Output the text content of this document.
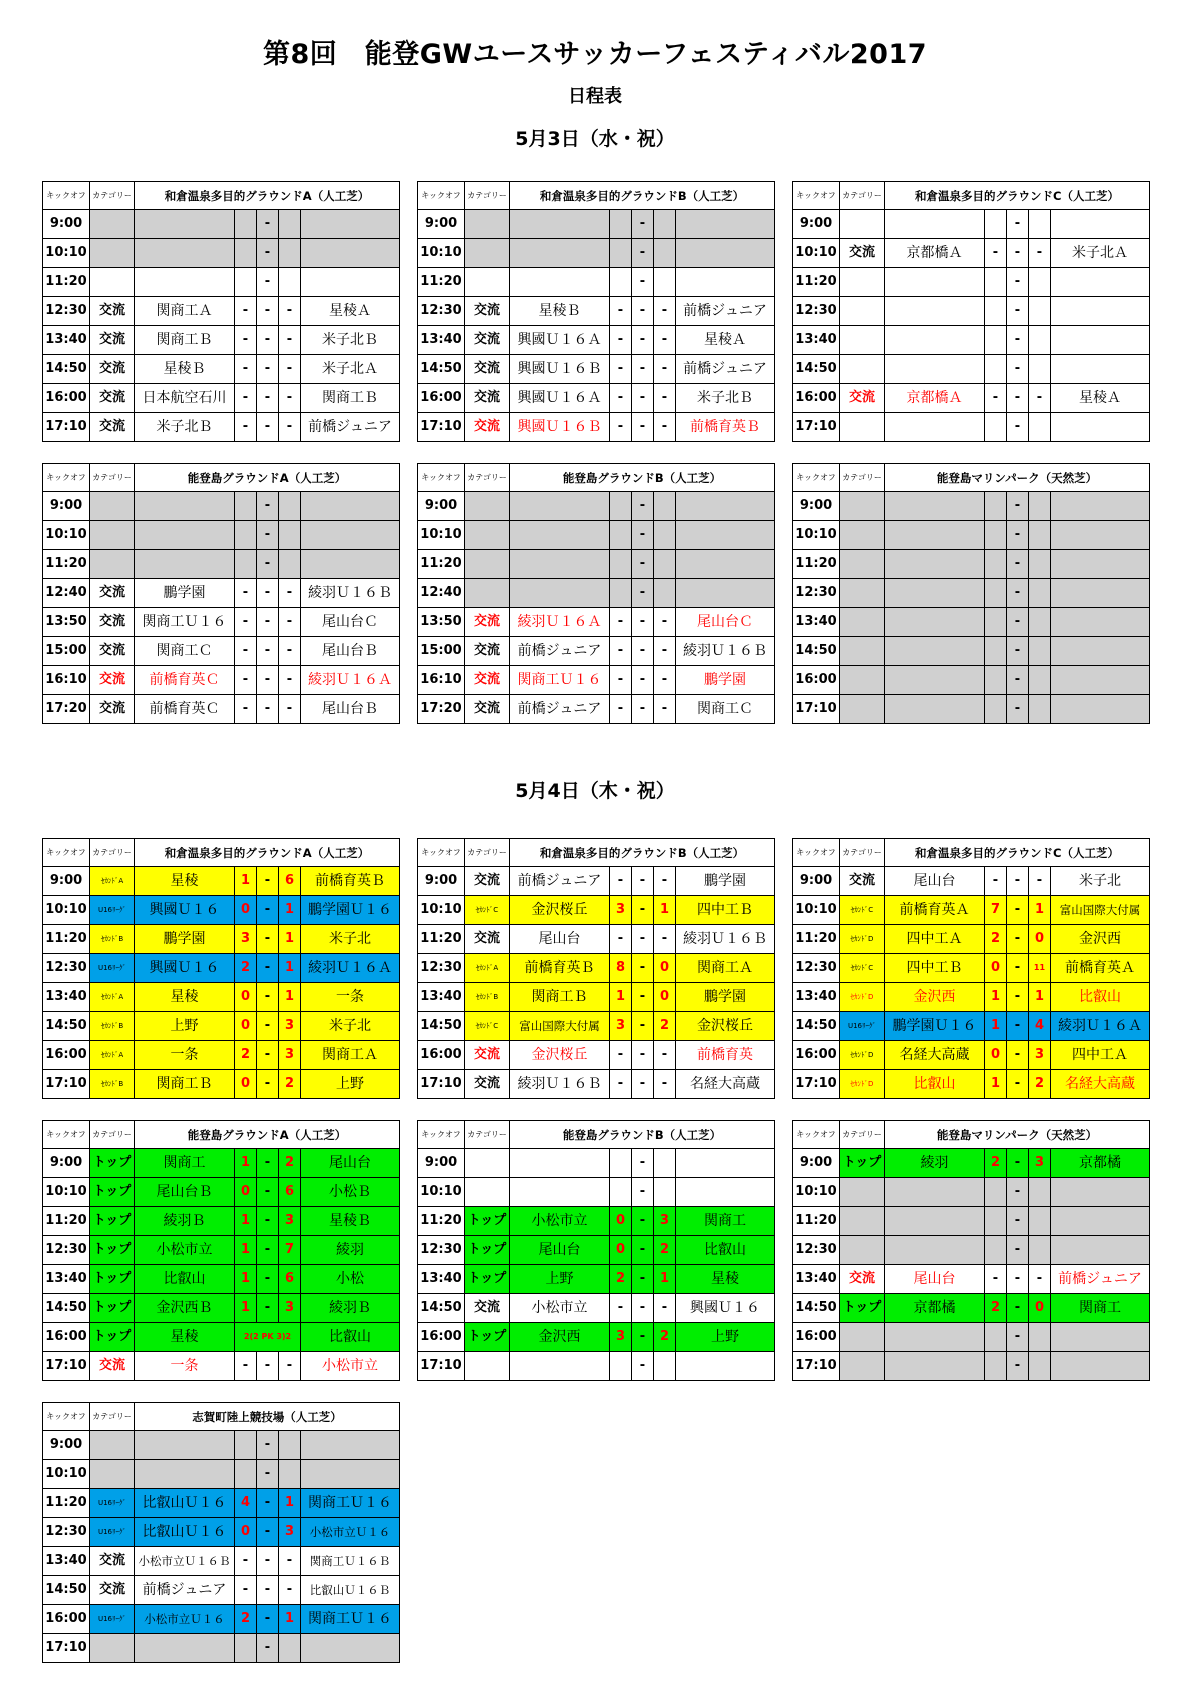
第8回　能登GWユースサッカーフェスティバル2017
日程表
5月3日（水・祝）
5月4日（木・祝）
キックオフ	カテゴリー	和倉温泉多目的グラウンドA（人工芝）				
9:00				-		
10:10				-		
11:20				-		
12:30	交流	関商工Ａ	-	-	-	星稜Ａ
13:40	交流	関商工Ｂ	-	-	-	米子北Ｂ
14:50	交流	星稜Ｂ	-	-	-	米子北Ａ
16:00	交流	日本航空石川	-	-	-	関商工Ｂ
17:10	交流	米子北Ｂ	-	-	-	前橋ジュニア
キックオフ	カテゴリー	和倉温泉多目的グラウンドB（人工芝）				
9:00				-		
10:10				-		
11:20				-		
12:30	交流	星稜Ｂ	-	-	-	前橋ジュニア
13:40	交流	興國Ｕ１６Ａ	-	-	-	星稜Ａ
14:50	交流	興國Ｕ１６Ｂ	-	-	-	前橋ジュニア
16:00	交流	興國Ｕ１６Ａ	-	-	-	米子北Ｂ
17:10	交流	興國Ｕ１６Ｂ	-	-	-	前橋育英Ｂ
キックオフ	カテゴリー	和倉温泉多目的グラウンドC（人工芝）				
9:00				-		
10:10	交流	京都橋Ａ	-	-	-	米子北Ａ
11:20				-		
12:30				-		
13:40				-		
14:50				-		
16:00	交流	京都橋Ａ	-	-	-	星稜Ａ
17:10				-		
キックオフ	カテゴリー	能登島グラウンドA（人工芝）				
9:00				-		
10:10				-		
11:20				-		
12:40	交流	鵬学園	-	-	-	綾羽Ｕ１６Ｂ
13:50	交流	関商工Ｕ１６	-	-	-	尾山台Ｃ
15:00	交流	関商工Ｃ	-	-	-	尾山台Ｂ
16:10	交流	前橋育英Ｃ	-	-	-	綾羽Ｕ１６Ａ
17:20	交流	前橋育英Ｃ	-	-	-	尾山台Ｂ
キックオフ	カテゴリー	能登島グラウンドB（人工芝）				
9:00				-		
10:10				-		
11:20				-		
12:40				-		
13:50	交流	綾羽Ｕ１６Ａ	-	-	-	尾山台Ｃ
15:00	交流	前橋ジュニア	-	-	-	綾羽Ｕ１６Ｂ
16:10	交流	関商工Ｕ１６	-	-	-	鵬学園
17:20	交流	前橋ジュニア	-	-	-	関商工Ｃ
キックオフ	カテゴリー	能登島マリンパーク（天然芝）				
9:00				-		
10:10				-		
11:20				-		
12:30				-		
13:40				-		
14:50				-		
16:00				-		
17:10				-		
キックオフ	カテゴリー	和倉温泉多目的グラウンドA（人工芝）				
9:00	ｾｶﾝﾄﾞA	星稜	1	-	6	前橋育英Ｂ
10:10	U16ﾘｰｸﾞ	興國Ｕ１６	0	-	1	鵬学園Ｕ１６
11:20	ｾｶﾝﾄﾞB	鵬学園	3	-	1	米子北
12:30	U16ﾘｰｸﾞ	興國Ｕ１６	2	-	1	綾羽Ｕ１６Ａ
13:40	ｾｶﾝﾄﾞA	星稜	0	-	1	一条
14:50	ｾｶﾝﾄﾞB	上野	0	-	3	米子北
16:00	ｾｶﾝﾄﾞA	一条	2	-	3	関商工Ａ
17:10	ｾｶﾝﾄﾞB	関商工Ｂ	0	-	2	上野
キックオフ	カテゴリー	和倉温泉多目的グラウンドB（人工芝）				
9:00	交流	前橋ジュニア	-	-	-	鵬学園
10:10	ｾｶﾝﾄﾞC	金沢桜丘	3	-	1	四中工Ｂ
11:20	交流	尾山台	-	-	-	綾羽Ｕ１６Ｂ
12:30	ｾｶﾝﾄﾞA	前橋育英Ｂ	8	-	0	関商工Ａ
13:40	ｾｶﾝﾄﾞB	関商工Ｂ	1	-	0	鵬学園
14:50	ｾｶﾝﾄﾞC	富山国際大付属	3	-	2	金沢桜丘
16:00	交流	金沢桜丘	-	-	-	前橋育英
17:10	交流	綾羽Ｕ１６Ｂ	-	-	-	名経大高蔵
キックオフ	カテゴリー	和倉温泉多目的グラウンドC（人工芝）				
9:00	交流	尾山台	-	-	-	米子北
10:10	ｾｶﾝﾄﾞC	前橋育英Ａ	7	-	1	富山国際大付属
11:20	ｾｶﾝﾄﾞD	四中工Ａ	2	-	0	金沢西
12:30	ｾｶﾝﾄﾞC	四中工Ｂ	0	-	11	前橋育英Ａ
13:40	ｾｶﾝﾄﾞD	金沢西	1	-	1	比叡山
14:50	U16ﾘｰｸﾞ	鵬学園Ｕ１６	1	-	4	綾羽Ｕ１６Ａ
16:00	ｾｶﾝﾄﾞD	名経大高蔵	0	-	3	四中工Ａ
17:10	ｾｶﾝﾄﾞD	比叡山	1	-	2	名経大高蔵
キックオフ	カテゴリー	能登島グラウンドA（人工芝）				
9:00	トップ	関商工	1	-	2	尾山台
10:10	トップ	尾山台Ｂ	0	-	6	小松Ｂ
11:20	トップ	綾羽Ｂ	1	-	3	星稜Ｂ
12:30	トップ	小松市立	1	-	7	綾羽
13:40	トップ	比叡山	1	-	6	小松
14:50	トップ	金沢西Ｂ	1	-	3	綾羽Ｂ
16:00	トップ	星稜	2(2 PK 3)2			比叡山
17:10	交流	一条	-	-	-	小松市立
キックオフ	カテゴリー	能登島グラウンドB（人工芝）				
9:00				-		
10:10				-		
11:20	トップ	小松市立	0	-	3	関商工
12:30	トップ	尾山台	0	-	2	比叡山
13:40	トップ	上野	2	-	1	星稜
14:50	交流	小松市立	-	-	-	興國Ｕ１６
16:00	トップ	金沢西	3	-	2	上野
17:10				-		
キックオフ	カテゴリー	能登島マリンパーク（天然芝）				
9:00	トップ	綾羽	2	-	3	京都橘
10:10				-		
11:20				-		
12:30				-		
13:40	交流	尾山台	-	-	-	前橋ジュニア
14:50	トップ	京都橘	2	-	0	関商工
16:00				-		
17:10				-		
キックオフ	カテゴリー	志賀町陸上競技場（人工芝）				
9:00				-		
10:10				-		
11:20	U16ﾘｰｸﾞ	比叡山Ｕ１６	4	-	1	関商工Ｕ１６
12:30	U16ﾘｰｸﾞ	比叡山Ｕ１６	0	-	3	小松市立Ｕ１６
13:40	交流	小松市立Ｕ１６Ｂ	-	-	-	関商工Ｕ１６Ｂ
14:50	交流	前橋ジュニア	-	-	-	比叡山Ｕ１６Ｂ
16:00	U16ﾘｰｸﾞ	小松市立Ｕ１６	2	-	1	関商工Ｕ１６
17:10				-		
